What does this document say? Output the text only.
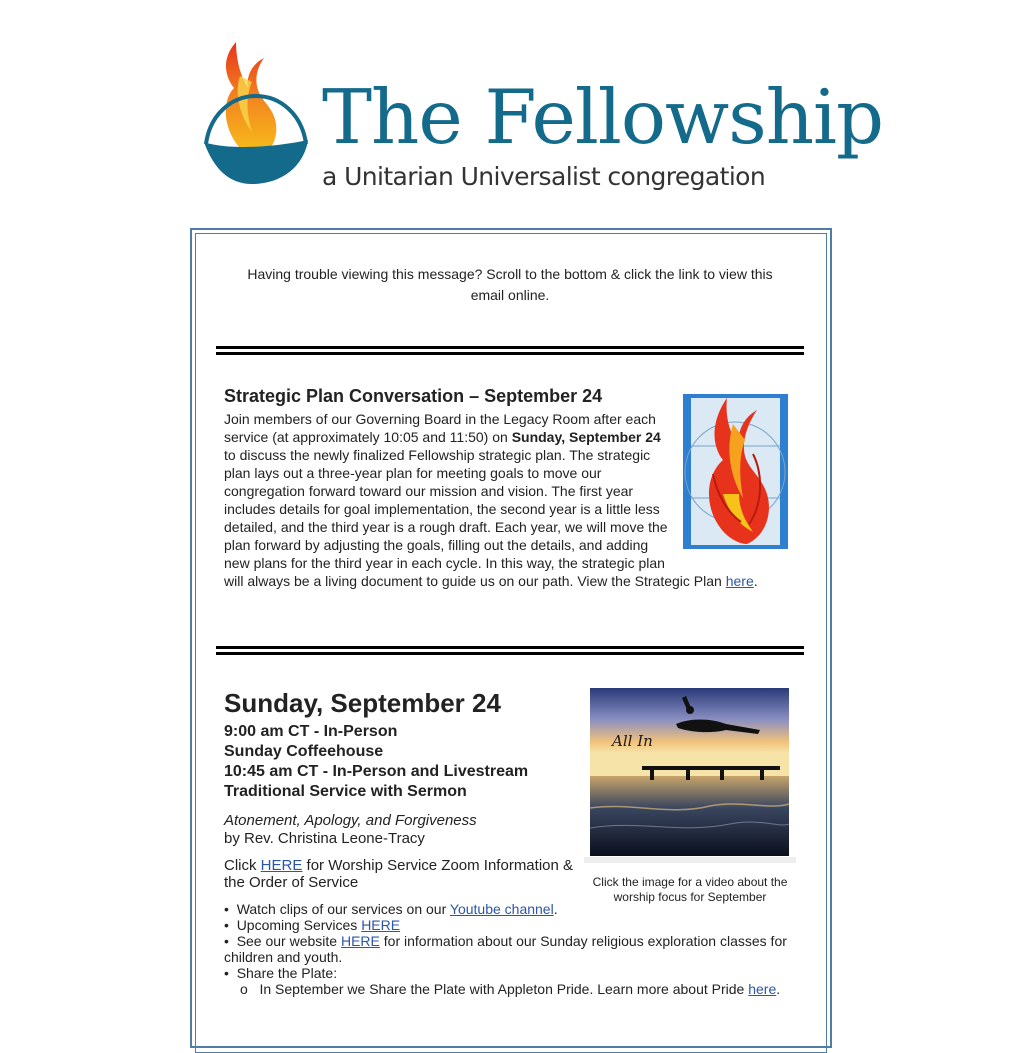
The Fellowship
a Unitarian Universalist congregation
Having trouble viewing this message? Scroll to the bottom & click the link to view this email online.
Strategic Plan Conversation – September 24
Join members of our Governing Board in the Legacy Room after each service (at approximately 10:05 and 11:50) on Sunday, September 24 to discuss the newly finalized Fellowship strategic plan. The strategic plan lays out a three-year plan for meeting goals to move our congregation forward toward our mission and vision. The first year includes details for goal implementation, the second year is a little less detailed, and the third year is a rough draft. Each year, we will move the plan forward by adjusting the goals, filling out the details, and adding new plans for the third year in each cycle. In this way, the strategic plan will always be a living document to guide us on our path. View the Strategic Plan here.
Sunday, September 24
9:00 am CT - In-Person
Sunday Coffeehouse
10:45 am CT - In-Person and Livestream
Traditional Service with Sermon
Atonement, Apology, and Forgiveness
by Rev. Christina Leone-Tracy
Click HERE for Worship Service Zoom Information & the Order of Service
All In
Click the image for a video about the worship focus for September
• Watch clips of our services on our Youtube channel.
• Upcoming Services HERE
• See our website HERE for information about our Sunday religious exploration classes for children and youth.
• Share the Plate:
o In September we Share the Plate with Appleton Pride. Learn more about Pride here.
